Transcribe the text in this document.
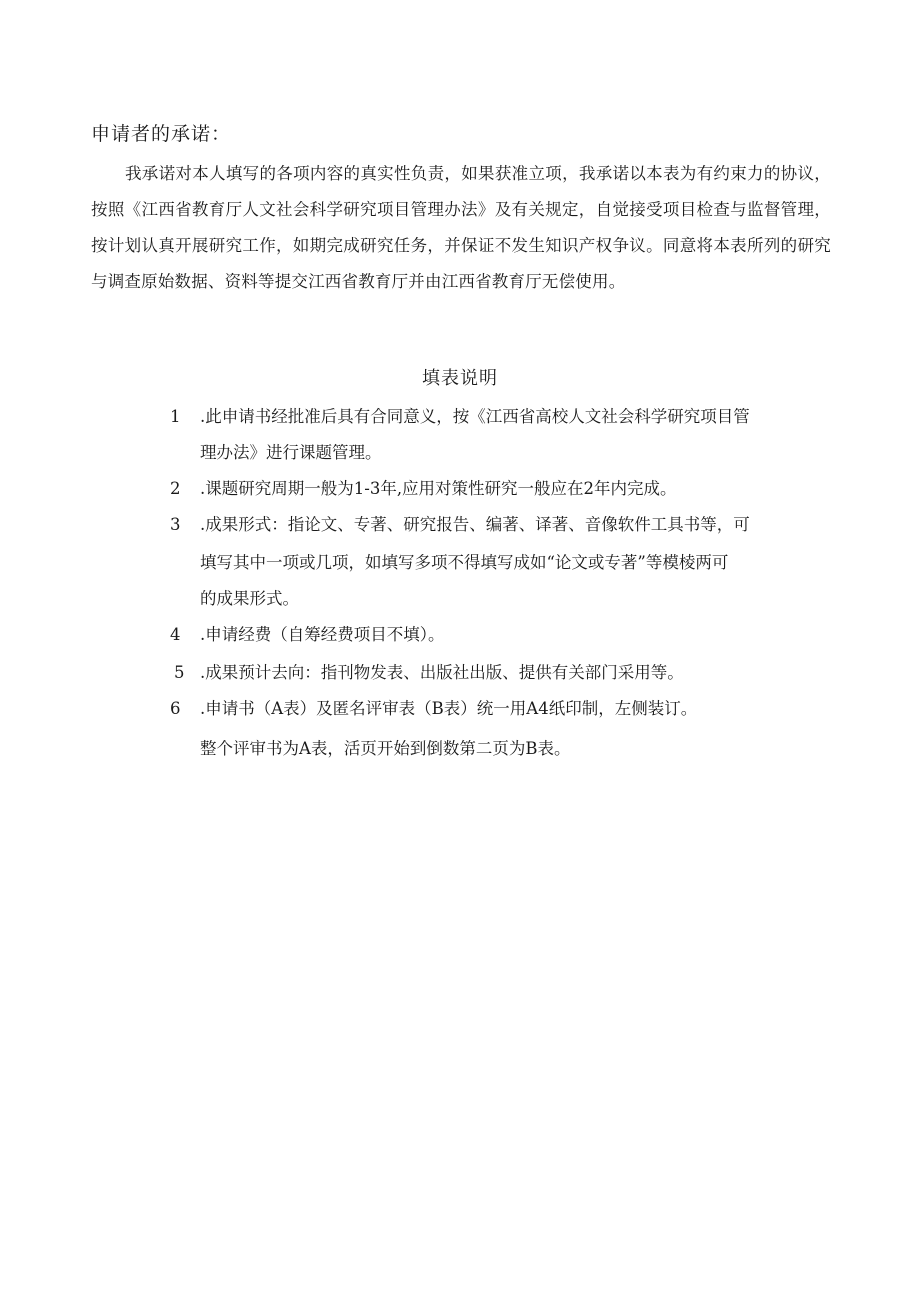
申请者的承诺：

我承诺对本人填写的各项内容的真实性负责，如果获准立项，我承诺以本表为有约束力的协议，按照《江西省教育厅人文社会科学研究项目管理办法》及有关规定，自觉接受项目检查与监督管理，按计划认真开展研究工作，如期完成研究任务，并保证不发生知识产权争议。同意将本表所列的研究与调查原始数据、资料等提交江西省教育厅并由江西省教育厅无偿使用。

填表说明
1 .此申请书经批准后具有合同意义，按《江西省高校人文社会科学研究项目管
理办法》进行课题管理。
2 .课题研究周期一般为1-3年,应用对策性研究一般应在2年内完成。
3 .成果形式：指论文、专著、研究报告、编著、译著、音像软件工具书等，可
填写其中一项或几项，如填写多项不得填写成如“论文或专著”等模棱两可
的成果形式。
4 .申请经费（自筹经费项目不填）。
5 .成果预计去向：指刊物发表、出版社出版、提供有关部门采用等。
6 .申请书（A表）及匿名评审表（B表）统一用A4纸印制，左侧装订。
整个评审书为A表，活页开始到倒数第二页为B表。
